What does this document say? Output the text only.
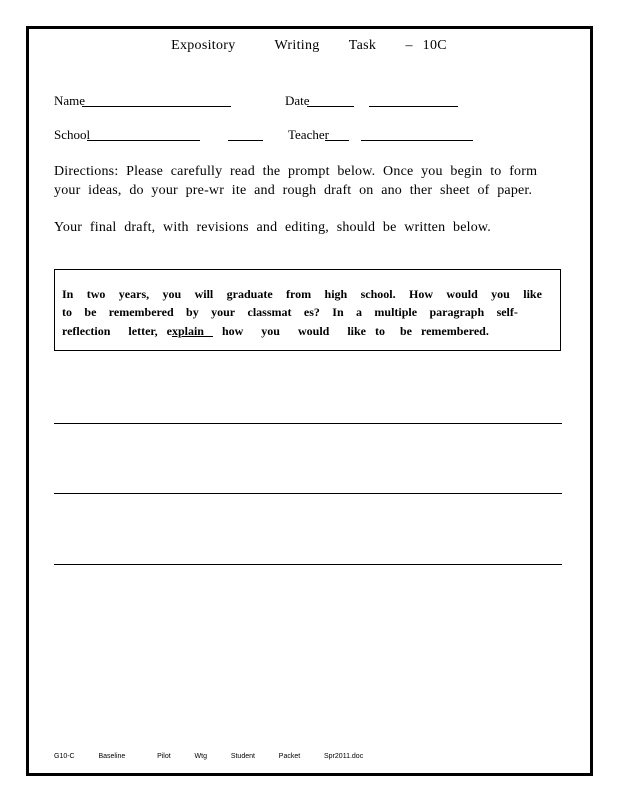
Expository    Writing   Task   – 10C
Name	Date
School	Teacher
Directions: Please carefully read the prompt below. Once you begin to form your ideas, do your pre-wr ite and rough draft on ano ther sheet of paper.
Your final draft, with revisions and editing, should be written below.
In two years, you will graduate from high school. How would you like
to be remembered by your classmat es? In a multiple paragraph self-
reflection      letter,   explain      how      you      would      like   to     be   remembered.
G10-C   Baseline    Pilot   Wtg   Student   Packet   Spr2011.doc
